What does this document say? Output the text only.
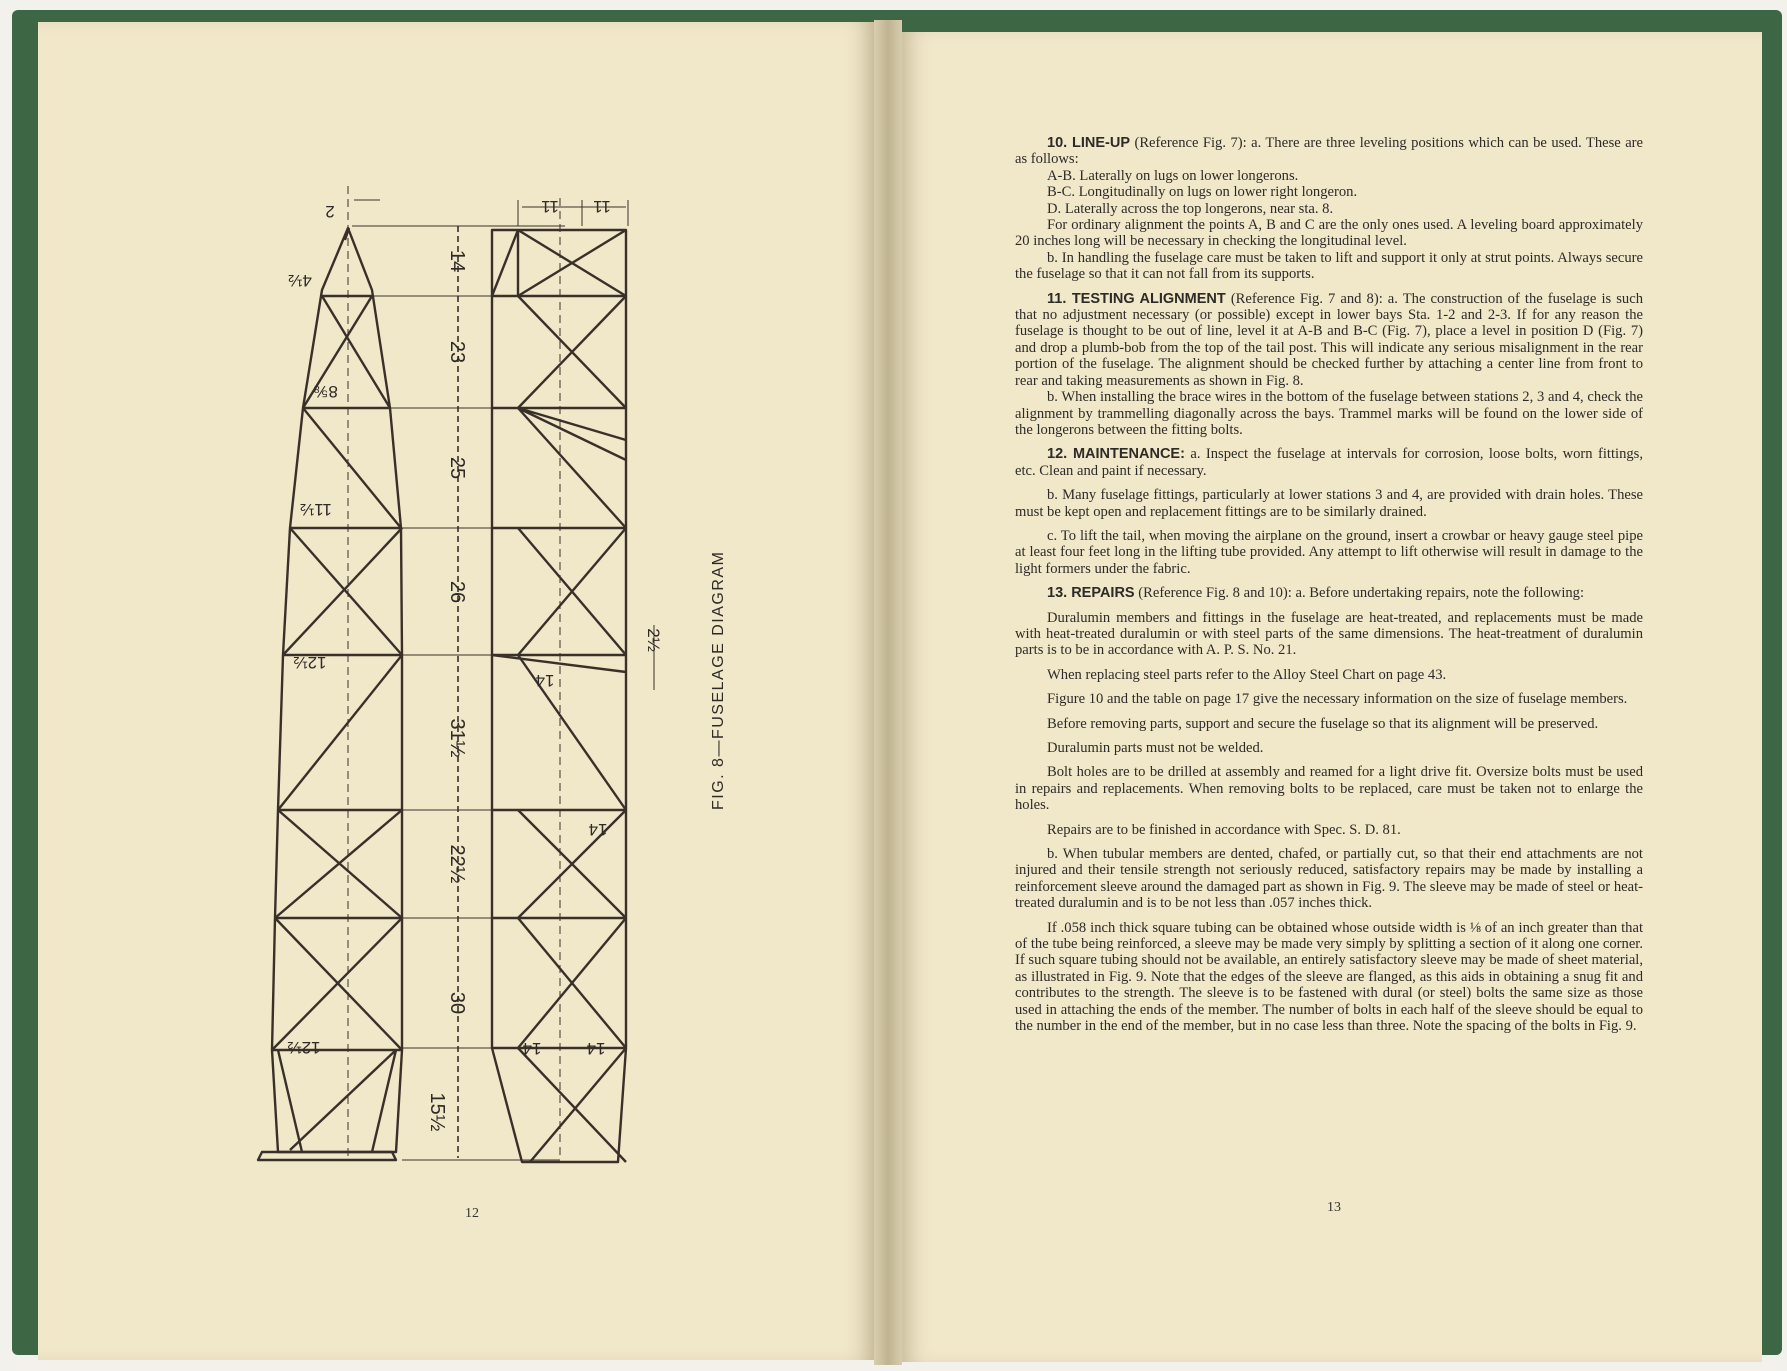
14
23
25
26
31½
22½
30
15½
2
4½
8⅝
11½
12½
12½
11 11
2½
14
14
14	14
FIG. 8—FUSELAGE DIAGRAM
12

10. LINE-UP (Reference Fig. 7): a. There are three leveling positions which can be used. These are as follows:

A-B. Laterally on lugs on lower longerons.
B-C. Longitudinally on lugs on lower right longeron.
D. Laterally across the top longerons, near sta. 8.

For ordinary alignment the points A, B and C are the only ones used. A leveling board approximately 20 inches long will be necessary in checking the longitudinal level.

b. In handling the fuselage care must be taken to lift and support it only at strut points. Always secure the fuselage so that it can not fall from its supports.

11. TESTING ALIGNMENT (Reference Fig. 7 and 8): a. The construction of the fuselage is such that no adjustment necessary (or possible) except in lower bays Sta. 1-2 and 2-3. If for any reason the fuselage is thought to be out of line, level it at A-B and B-C (Fig. 7), place a level in position D (Fig. 7) and drop a plumb-bob from the top of the tail post. This will indicate any serious misalignment in the rear portion of the fuselage. The alignment should be checked further by attaching a center line from front to rear and taking measurements as shown in Fig. 8.

b. When installing the brace wires in the bottom of the fuselage between stations 2, 3 and 4, check the alignment by trammelling diagonally across the bays. Trammel marks will be found on the lower side of the longerons between the fitting bolts.

12. MAINTENANCE: a. Inspect the fuselage at intervals for corrosion, loose bolts, worn fittings, etc. Clean and paint if necessary.

b. Many fuselage fittings, particularly at lower stations 3 and 4, are provided with drain holes. These must be kept open and replacement fittings are to be similarly drained.

c. To lift the tail, when moving the airplane on the ground, insert a crowbar or heavy gauge steel pipe at least four feet long in the lifting tube provided. Any attempt to lift otherwise will result in damage to the light formers under the fabric.

13. REPAIRS (Reference Fig. 8 and 10): a. Before undertaking repairs, note the following:

Duralumin members and fittings in the fuselage are heat-treated, and replacements must be made with heat-treated duralumin or with steel parts of the same dimensions. The heat-treatment of duralumin parts is to be in accordance with A. P. S. No. 21.

When replacing steel parts refer to the Alloy Steel Chart on page 43.

Figure 10 and the table on page 17 give the necessary information on the size of fuselage members.

Before removing parts, support and secure the fuselage so that its alignment will be preserved.

Duralumin parts must not be welded.

Bolt holes are to be drilled at assembly and reamed for a light drive fit. Oversize bolts must be used in repairs and replacements. When removing bolts to be replaced, care must be taken not to enlarge the holes.

Repairs are to be finished in accordance with Spec. S. D. 81.

b. When tubular members are dented, chafed, or partially cut, so that their end attachments are not injured and their tensile strength not seriously reduced, satisfactory repairs may be made by installing a reinforcement sleeve around the damaged part as shown in Fig. 9. The sleeve may be made of steel or heat-treated duralumin and is to be not less than .057 inches thick.

If .058 inch thick square tubing can be obtained whose outside width is ⅛ of an inch greater than that of the tube being reinforced, a sleeve may be made very simply by splitting a section of it along one corner. If such square tubing should not be available, an entirely satisfactory sleeve may be made of sheet material, as illustrated in Fig. 9. Note that the edges of the sleeve are flanged, as this aids in obtaining a snug fit and contributes to the strength. The sleeve is to be fastened with dural (or steel) bolts the same size as those used in attaching the ends of the member. The number of bolts in each half of the sleeve should be equal to the number in the end of the member, but in no case less than three. Note the spacing of the bolts in Fig. 9.

13
